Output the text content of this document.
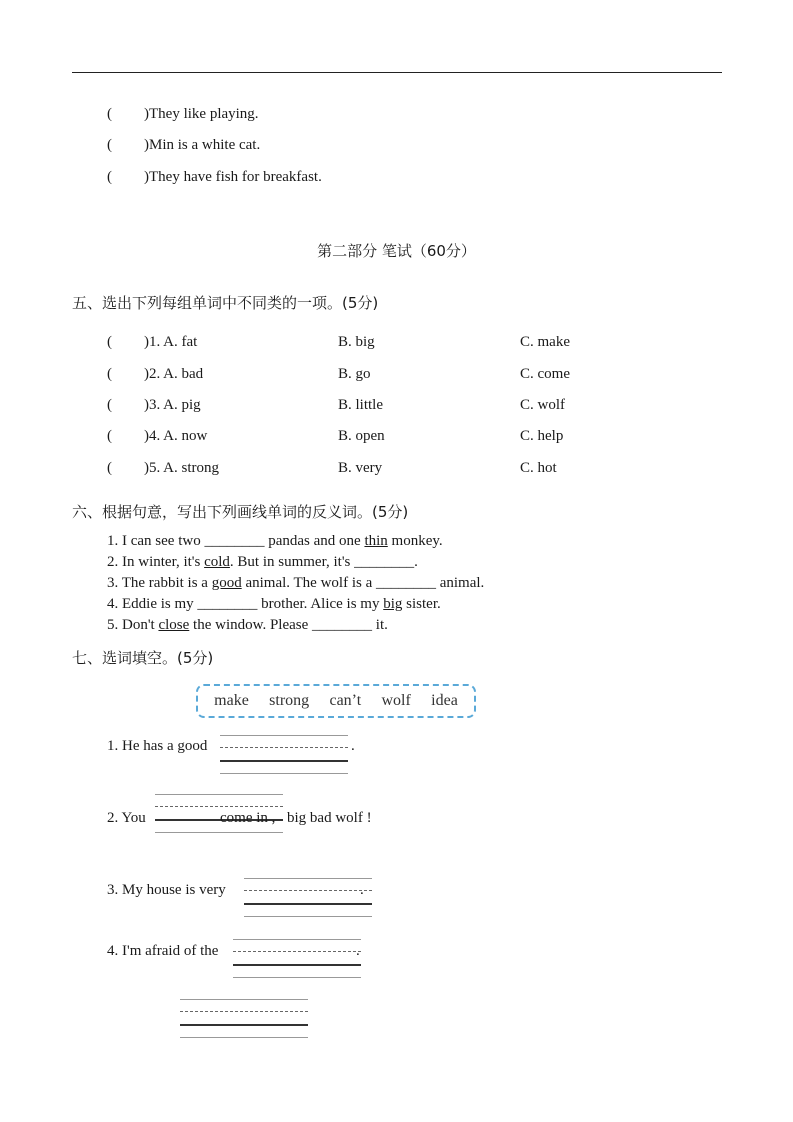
( )They like playing.
( )Min is a white cat.
( )They have fish for breakfast.
第二部分 笔试（60分）
五、选出下列每组单词中不同类的一项。(5分)
( )1. A. fat	B. big	C. make
( )2. A. bad	B. go	C. come
( )3. A. pig	B. little	C. wolf
( )4. A. now	B. open	C. help
( )5. A. strong	B. very	C. hot
六、根据句意，写出下列画线单词的反义词。(5分)
1. I can see two ________ pandas and one thin monkey.
2. In winter, it's cold. But in summer, it's ________.
3. The rabbit is a good animal. The wolf is a ________ animal.
4. Eddie is my ________ brother. Alice is my big sister.
5. Don't close the window. Please ________ it.
七、选词填空。(5分)
make strong can’t wolf idea
1. He has a good	.
2. You	come in , big bad wolf !
3. My house is very	.
4. I'm afraid of the	.
